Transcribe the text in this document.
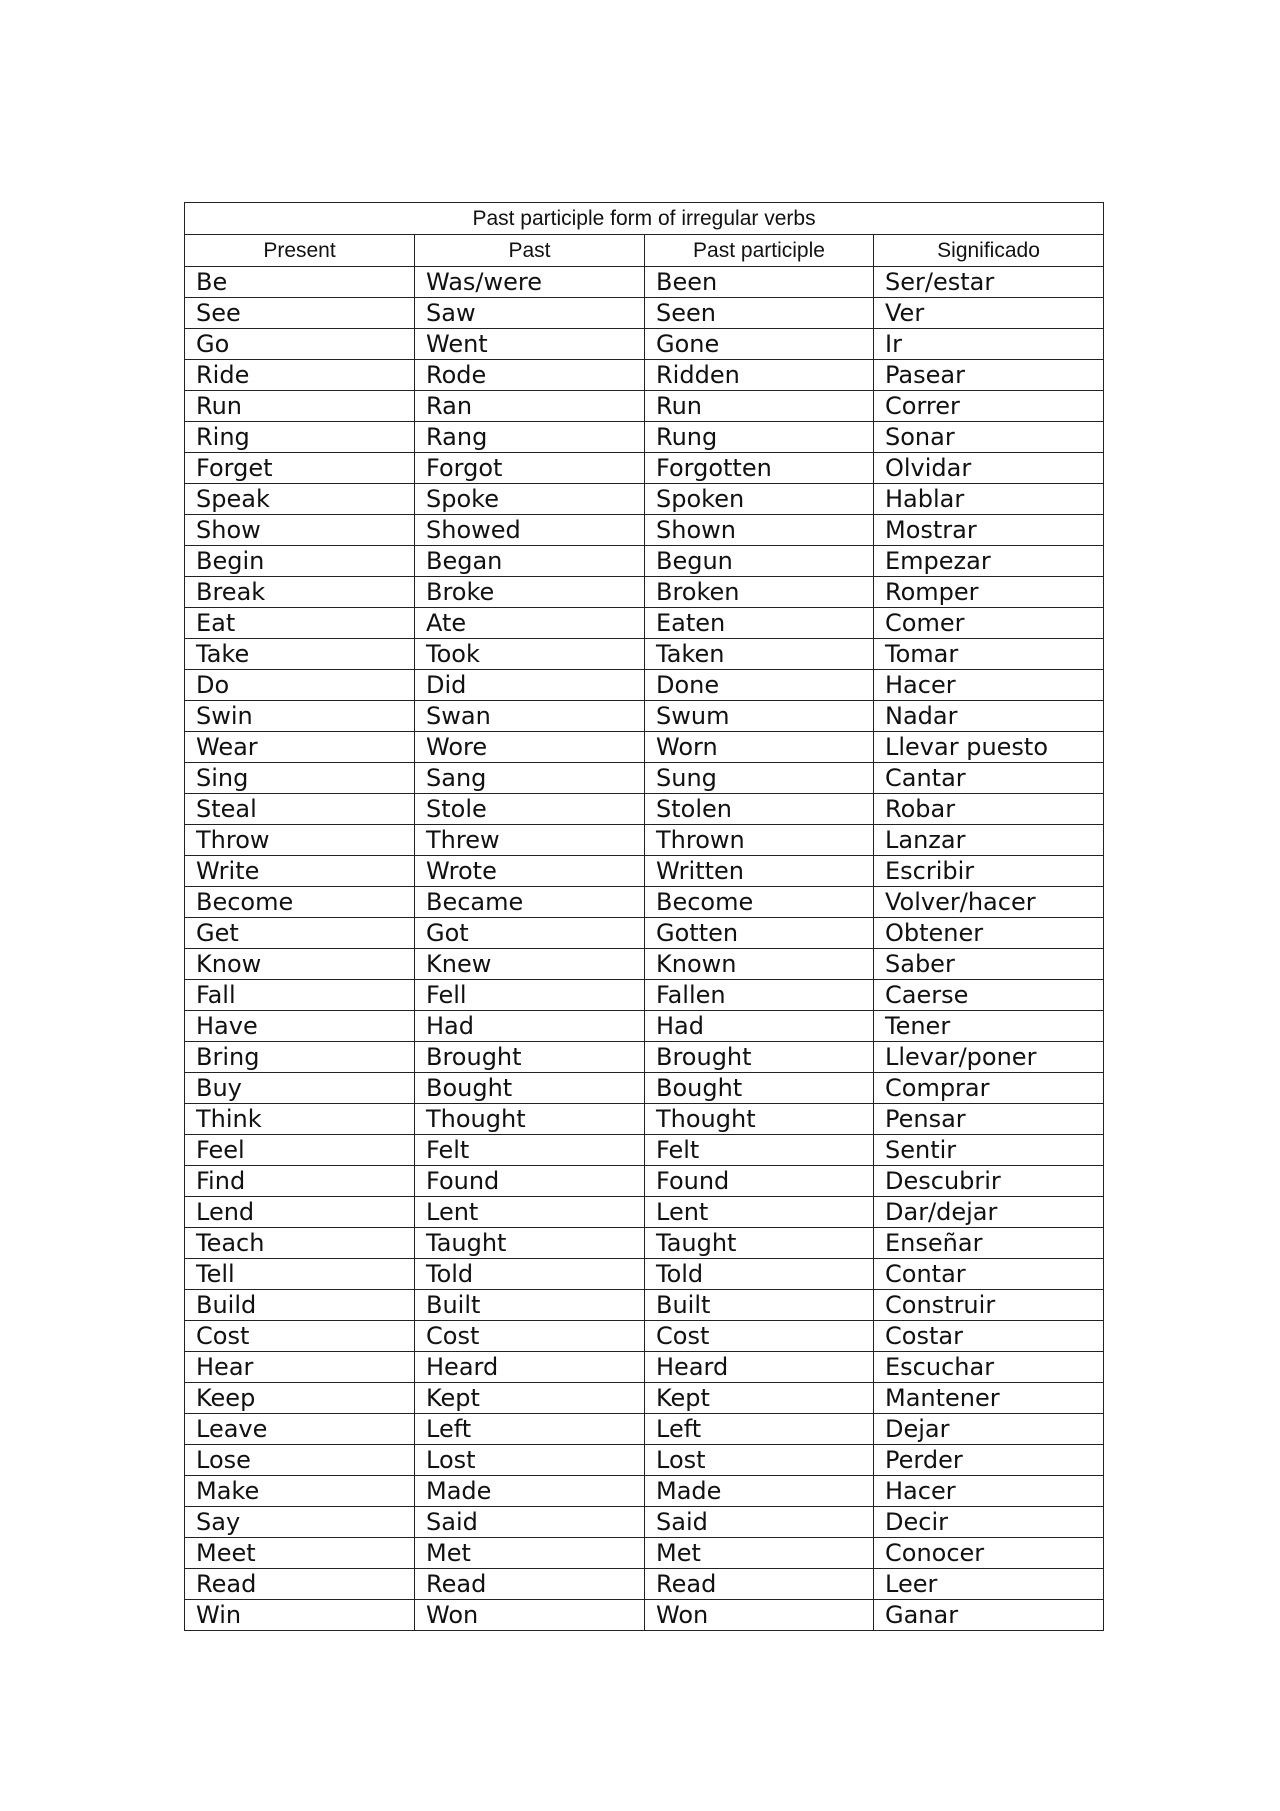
Past participle form of irregular verbs			
Present	Past	Past participle	Significado
Be	Was/were	Been	Ser/estar
See	Saw	Seen	Ver
Go	Went	Gone	Ir
Ride	Rode	Ridden	Pasear
Run	Ran	Run	Correr
Ring	Rang	Rung	Sonar
Forget	Forgot	Forgotten	Olvidar
Speak	Spoke	Spoken	Hablar
Show	Showed	Shown	Mostrar
Begin	Began	Begun	Empezar
Break	Broke	Broken	Romper
Eat	Ate	Eaten	Comer
Take	Took	Taken	Tomar
Do	Did	Done	Hacer
Swin	Swan	Swum	Nadar
Wear	Wore	Worn	Llevar puesto
Sing	Sang	Sung	Cantar
Steal	Stole	Stolen	Robar
Throw	Threw	Thrown	Lanzar
Write	Wrote	Written	Escribir
Become	Became	Become	Volver/hacer
Get	Got	Gotten	Obtener
Know	Knew	Known	Saber
Fall	Fell	Fallen	Caerse
Have	Had	Had	Tener
Bring	Brought	Brought	Llevar/poner
Buy	Bought	Bought	Comprar
Think	Thought	Thought	Pensar
Feel	Felt	Felt	Sentir
Find	Found	Found	Descubrir
Lend	Lent	Lent	Dar/dejar
Teach	Taught	Taught	Enseñar
Tell	Told	Told	Contar
Build	Built	Built	Construir
Cost	Cost	Cost	Costar
Hear	Heard	Heard	Escuchar
Keep	Kept	Kept	Mantener
Leave	Left	Left	Dejar
Lose	Lost	Lost	Perder
Make	Made	Made	Hacer
Say	Said	Said	Decir
Meet	Met	Met	Conocer
Read	Read	Read	Leer
Win	Won	Won	Ganar
